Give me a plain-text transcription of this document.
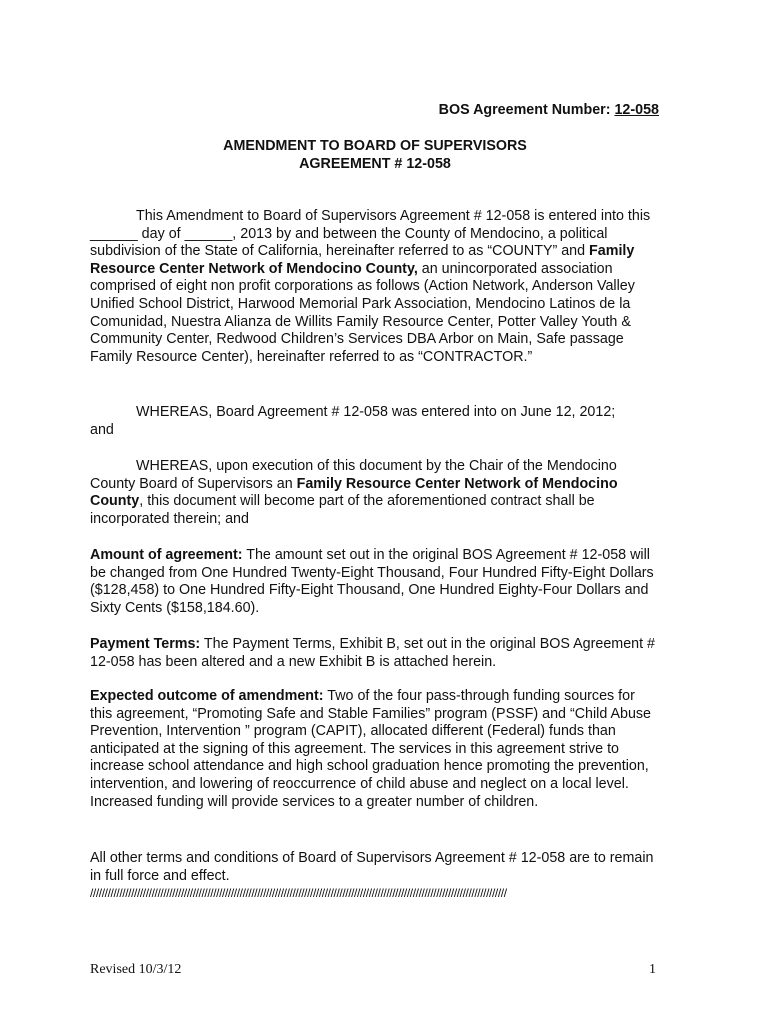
BOS Agreement Number: 12-058
AMENDMENT TO BOARD OF SUPERVISORS
AGREEMENT # 12-058

This Amendment to Board of Supervisors Agreement # 12-058 is entered into this ______ day of ______, 2013 by and between the County of Mendocino, a political subdivision of the State of California, hereinafter referred to as “COUNTY” and Family Resource Center Network of Mendocino County, an unincorporated association comprised of eight non profit corporations as follows (Action Network, Anderson Valley Unified School District, Harwood Memorial Park Association, Mendocino Latinos de la Comunidad, Nuestra Alianza de Willits Family Resource Center, Potter Valley Youth & Community Center, Redwood Children’s Services DBA Arbor on Main, Safe passage Family Resource Center), hereinafter referred to as “CONTRACTOR.”

WHEREAS, Board Agreement # 12-058 was entered into on June 12, 2012;

and

WHEREAS, upon execution of this document by the Chair of the Mendocino County Board of Supervisors an Family Resource Center Network of Mendocino County, this document will become part of the aforementioned contract shall be incorporated therein; and

Amount of agreement: The amount set out in the original BOS Agreement # 12-058 will be changed from One Hundred Twenty-Eight Thousand, Four Hundred Fifty-Eight Dollars ($128,458) to One Hundred Fifty-Eight Thousand, One Hundred Eighty-Four Dollars and Sixty Cents ($158,184.60).

Payment Terms: The Payment Terms, Exhibit B, set out in the original BOS Agreement # 12-058 has been altered and a new Exhibit B is attached herein.

Expected outcome of amendment: Two of the four pass-through funding sources for this agreement, “Promoting Safe and Stable Families” program (PSSF) and “Child Abuse Prevention, Intervention ” program (CAPIT), allocated different (Federal) funds than anticipated at the signing of this agreement. The services in this agreement strive to increase school attendance and high school graduation hence promoting the prevention, intervention, and lowering of reoccurrence of child abuse and neglect on a local level. Increased funding will provide services to a greater number of children.

All other terms and conditions of Board of Supervisors Agreement # 12-058 are to remain in full force and effect.

//////////////////////////////////////////////////////////////////////////////////////////////////////////////////////////////////////////////
Revised 10/3/12	1
